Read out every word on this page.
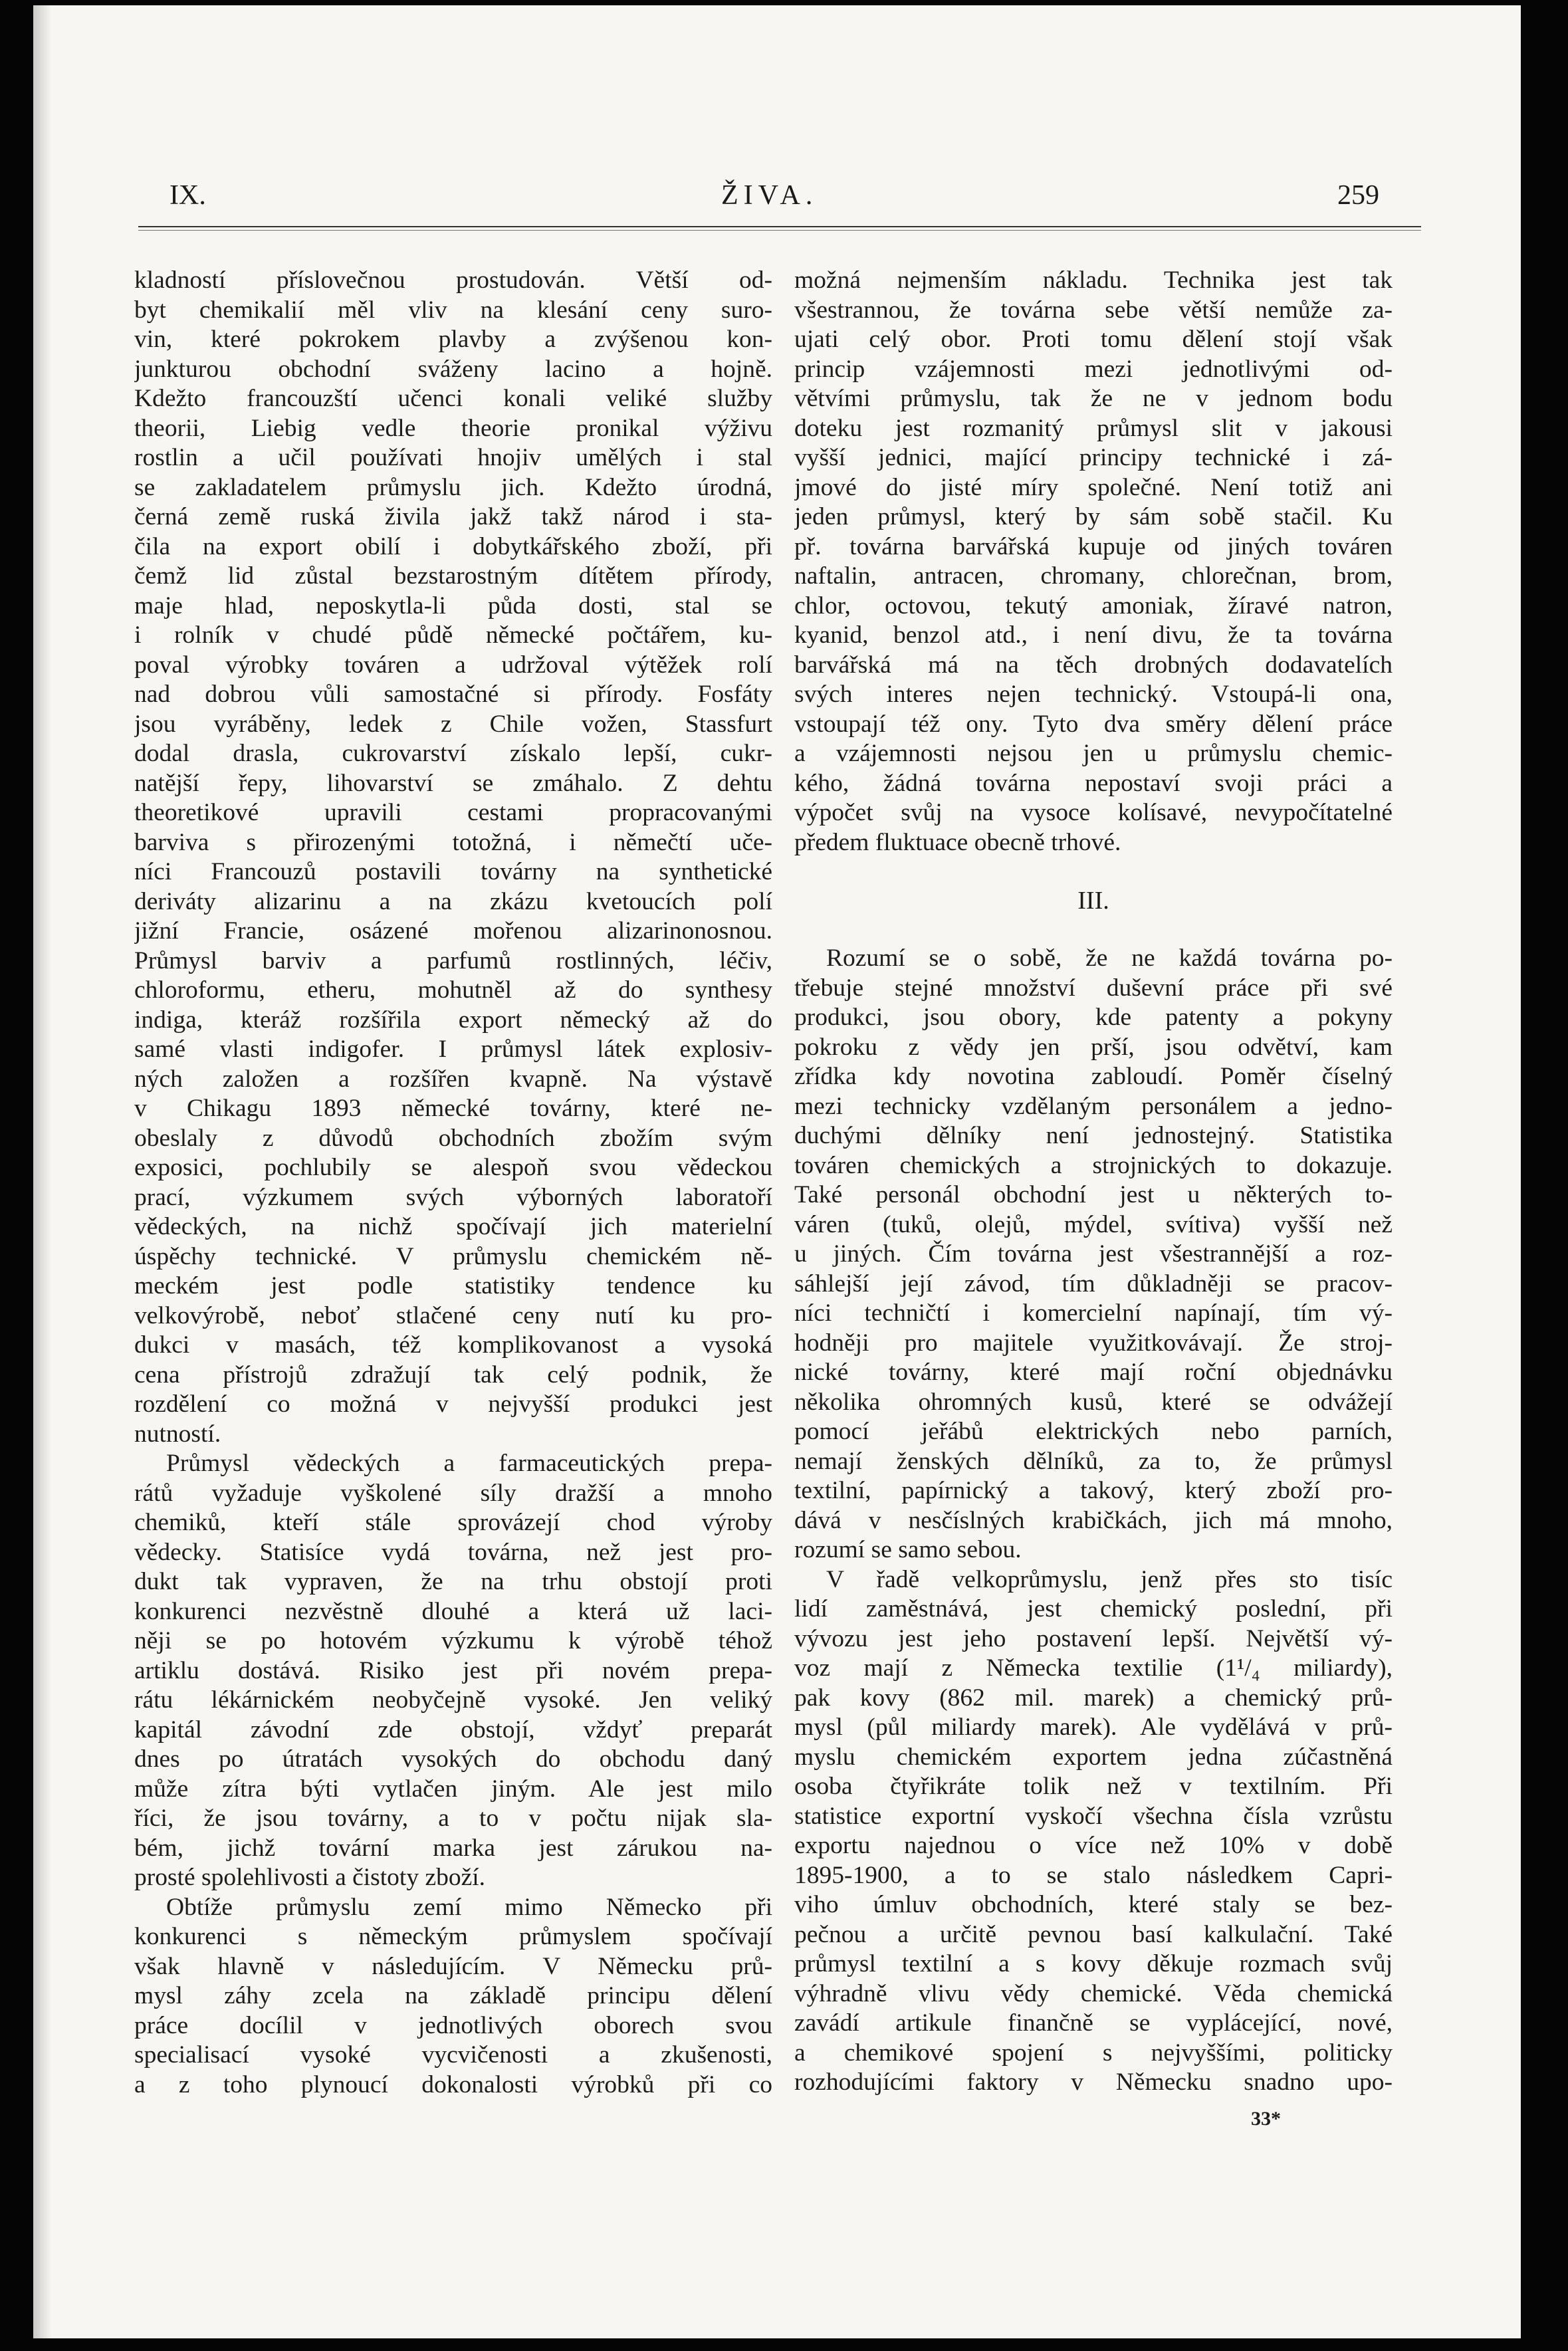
IX.	ŽIVA.	259

kladností příslovečnou prostudován. Větší od-

byt chemikalií měl vliv na klesání ceny suro-

vin, které pokrokem plavby a zvýšenou kon-

junkturou obchodní sváženy lacino a hojně.

Kdežto francouzští učenci konali veliké služby

theorii, Liebig vedle theorie pronikal výživu

rostlin a učil používati hnojiv umělých i stal

se zakladatelem průmyslu jich. Kdežto úrodná,

černá země ruská živila jakž takž národ i sta-

čila na export obilí i dobytkářského zboží, při

čemž lid zůstal bezstarostným dítětem přírody,

maje hlad, neposkytla-li půda dosti, stal se

i rolník v chudé půdě německé počtářem, ku-

poval výrobky továren a udržoval výtěžek rolí

nad dobrou vůli samostačné si přírody. Fosfáty

jsou vyráběny, ledek z Chile vožen, Stassfurt

dodal drasla, cukrovarství získalo lepší, cukr-

natější řepy, lihovarství se zmáhalo. Z dehtu

theoretikové upravili cestami propracovanými

barviva s přirozenými totožná, i němečtí uče-

níci Francouzů postavili továrny na synthetické

deriváty alizarinu a na zkázu kvetoucích polí

jižní Francie, osázené mořenou alizarinonosnou.

Průmysl barviv a parfumů rostlinných, léčiv,

chloroformu, etheru, mohutněl až do synthesy

indiga, kteráž rozšířila export německý až do

samé vlasti indigofer. I průmysl látek explosiv-

ných založen a rozšířen kvapně. Na výstavě

v Chikagu 1893 německé továrny, které ne-

obeslaly z důvodů obchodních zbožím svým

exposici, pochlubily se alespoň svou vědeckou

prací, výzkumem svých výborných laboratoří

vědeckých, na nichž spočívají jich materielní

úspěchy technické. V průmyslu chemickém ně-

meckém jest podle statistiky tendence ku

velkovýrobě, neboť stlačené ceny nutí ku pro-

dukci v masách, též komplikovanost a vysoká

cena přístrojů zdražují tak celý podnik, že

rozdělení co možná v nejvyšší produkci jest

nutností.

Průmysl vědeckých a farmaceutických prepa-

rátů vyžaduje vyškolené síly dražší a mnoho

chemiků, kteří stále sprovázejí chod výroby

vědecky. Statisíce vydá továrna, než jest pro-

dukt tak vypraven, že na trhu obstojí proti

konkurenci nezvěstně dlouhé a která už laci-

něji se po hotovém výzkumu k výrobě téhož

artiklu dostává. Risiko jest při novém prepa-

rátu lékárnickém neobyčejně vysoké. Jen veliký

kapitál závodní zde obstojí, vždyť preparát

dnes po útratách vysokých do obchodu daný

může zítra býti vytlačen jiným. Ale jest milo

říci, že jsou továrny, a to v počtu nijak sla-

bém, jichž tovární marka jest zárukou na-

prosté spolehlivosti a čistoty zboží.

Obtíže průmyslu zemí mimo Německo při

konkurenci s německým průmyslem spočívají

však hlavně v následujícím. V Německu prů-

mysl záhy zcela na základě principu dělení

práce docílil v jednotlivých oborech svou

specialisací vysoké vycvičenosti a zkušenosti,

a z toho plynoucí dokonalosti výrobků při co

možná nejmenším nákladu. Technika jest tak

všestrannou, že továrna sebe větší nemůže za-

ujati celý obor. Proti tomu dělení stojí však

princip vzájemnosti mezi jednotlivými od-

větvími průmyslu, tak že ne v jednom bodu

doteku jest rozmanitý průmysl slit v jakousi

vyšší jednici, mající principy technické i zá-

jmové do jisté míry společné. Není totiž ani

jeden průmysl, který by sám sobě stačil. Ku

př. továrna barvářská kupuje od jiných továren

naftalin, antracen, chromany, chlorečnan, brom,

chlor, octovou, tekutý amoniak, žíravé natron,

kyanid, benzol atd., i není divu, že ta továrna

barvářská má na těch drobných dodavatelích

svých interes nejen technický. Vstoupá-li ona,

vstoupají též ony. Tyto dva směry dělení práce

a vzájemnosti nejsou jen u průmyslu chemic-

kého, žádná továrna nepostaví svoji práci a

výpočet svůj na vysoce kolísavé, nevypočítatelné

předem fluktuace obecně trhové.

III.

Rozumí se o sobě, že ne každá továrna po-

třebuje stejné množství duševní práce při své

produkci, jsou obory, kde patenty a pokyny

pokroku z vědy jen prší, jsou odvětví, kam

zřídka kdy novotina zabloudí. Poměr číselný

mezi technicky vzdělaným personálem a jedno-

duchými dělníky není jednostejný. Statistika

továren chemických a strojnických to dokazuje.

Také personál obchodní jest u některých to-

váren (tuků, olejů, mýdel, svítiva) vyšší než

u jiných. Čím továrna jest všestrannější a roz-

sáhlejší její závod, tím důkladněji se pracov-

níci techničtí i komercielní napínají, tím vý-

hodněji pro majitele využitkovávají. Že stroj-

nické továrny, které mají roční objednávku

několika ohromných kusů, které se odvážejí

pomocí jeřábů elektrických nebo parních,

nemají ženských dělníků, za to, že průmysl

textilní, papírnický a takový, který zboží pro-

dává v nesčíslných krabičkách, jich má mnoho,

rozumí se samo sebou.

V řadě velkoprůmyslu, jenž přes sto tisíc

lidí zaměstnává, jest chemický poslední, při

vývozu jest jeho postavení lepší. Největší vý-

voz mají z Německa textilie (1¹/₄ miliardy),

pak kovy (862 mil. marek) a chemický prů-

mysl (půl miliardy marek). Ale vydělává v prů-

myslu chemickém exportem jedna zúčastněná

osoba čtyřikráte tolik než v textilním. Při

statistice exportní vyskočí všechna čísla vzrůstu

exportu najednou o více než 10% v době

1895-1900, a to se stalo následkem Capri-

viho úmluv obchodních, které staly se bez-

pečnou a určitě pevnou basí kalkulační. Také

průmysl textilní a s kovy děkuje rozmach svůj

výhradně vlivu vědy chemické. Věda chemická

zavádí artikule finančně se vyplácející, nové,

a chemikové spojení s nejvyššími, politicky

rozhodujícími faktory v Německu snadno upo-

33*
